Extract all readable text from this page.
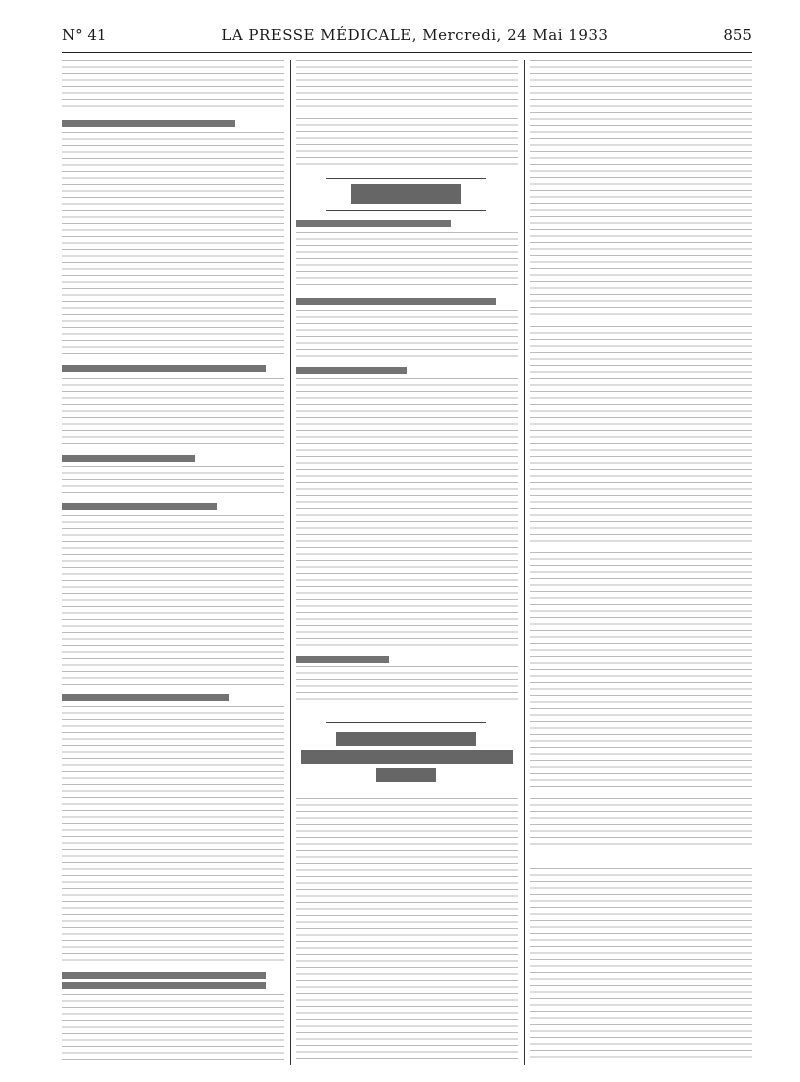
N° 41	LA PRESSE MÉDICALE, Mercredi, 24 Mai 1933	855
